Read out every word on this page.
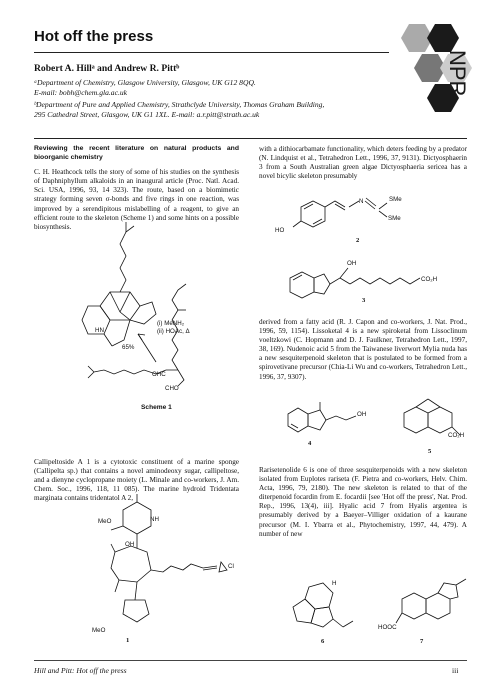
Hot off the press
NPR
Robert A. Hillᵃ and Andrew R. Pittᵇ
ᵃDepartment of Chemistry, Glasgow University, Glasgow, UK G12 8QQ.
E-mail: bobh@chem.gla.ac.uk
ᵇDepartment of Pure and Applied Chemistry, Strathclyde University, Thomas Graham Building,
295 Cathedral Street, Glasgow, UK G1 1XL. E-mail: a.r.pitt@strath.ac.uk

Reviewing the recent literature on natural products and bioorganic chemistry

C. H. Heathcock tells the story of some of his studies on the synthesis of Daphniphyllum alkaloids in an inaugural article (Proc. Natl. Acad. Sci. USA, 1996, 93, 14 323). The route, based on a biomimetic strategy forming seven σ-bonds and five rings in one reaction, was improved by a serendipitous mislabelling of a reagent, to give an efficient route to the skeleton (Scheme 1) and some hints on a possible biosynthesis.

HN
(i) MeNH₂
(ii) HOAc, Δ
65%
OHC
CHO
Scheme 1

Callipeltoside A 1 is a cytotoxic constituent of a marine sponge (Callipelta sp.) that contains a novel aminodeoxy sugar, callipeltose, and a dienyne cyclopropane moiety (L. Minale and co-workers, J. Am. Chem. Soc., 1996, 118, 11 085). The marine hydroid Tridentata marginata contains tridentatol A 2,

MeO	NH
OH
Cl
MeO
1

with a dithiocarbamate functionality, which deters feeding by a predator (N. Lindquist et al., Tetrahedron Lett., 1996, 37, 9131). Dictyosphaerin 3 from a South Australian green algae Dictyosphaeria sericea has a novel bicylic skeleton presumably

HO
N	SMe
SMe
2
OH
CO₂H
3

derived from a fatty acid (R. J. Capon and co-workers, J. Nat. Prod., 1996, 59, 1154). Lissoketal 4 is a new spiroketal from Lissoclinum voeltzkowi (C. Hopmann and D. J. Faulkner, Tetrahedron Lett., 1997, 38, 169). Nudenoic acid 5 from the Taiwanese liverwort Mylia nuda has a new sesquiterpenoid skeleton that is postulated to be formed from a spirovetivane precursor (Chia-Li Wu and co-workers, Tetrahedron Lett., 1996, 37, 9307).

OH
4
CO₂H
5

Rarisetenolide 6 is one of three sesquiterpenoids with a new skeleton isolated from Euplotes rariseta (F. Pietra and co-workers, Helv. Chim. Acta, 1996, 79, 2180). The new skeleton is related to that of the diterpenoid focardin from E. focardii [see 'Hot off the press', Nat. Prod. Rep., 1996, 13(4), iii]. Hyalic acid 7 from Hyalis argentea is presumably derived by a Baeyer–Villiger oxidation of a kaurane precursor (M. I. Ybarra et al., Phytochemistry, 1997, 44, 479). A number of new

H
6
HOOC
7
Hill and Pitt: Hot off the press	iii
